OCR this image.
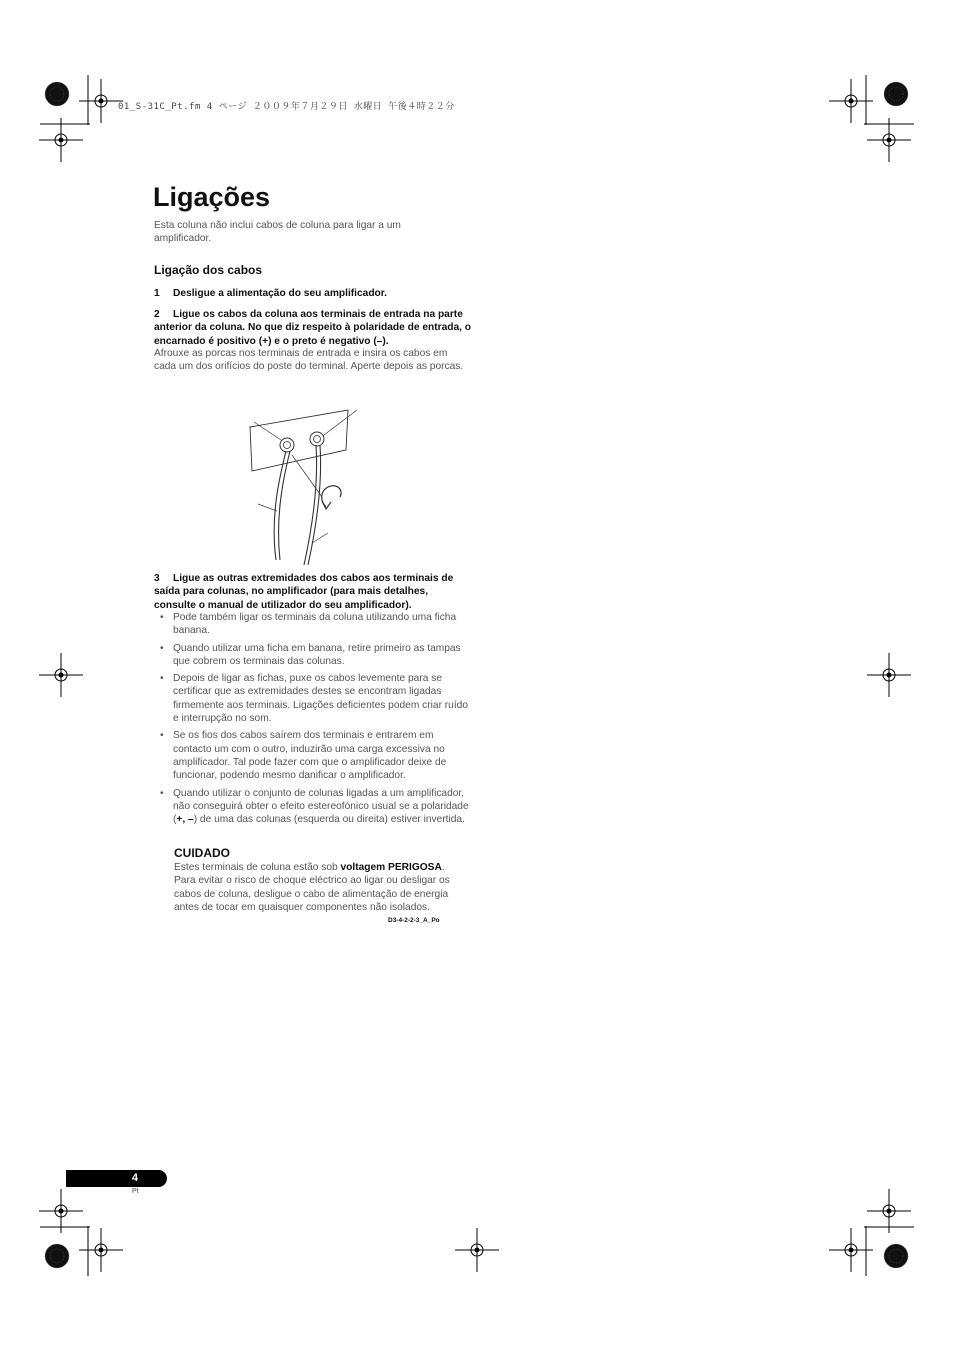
01_S-31C_Pt.fm 4 ページ ２００９年７月２９日 水曜日 午後４時２２分
Ligações
Esta coluna não inclui cabos de coluna para ligar a um amplificador.
Ligação dos cabos
1 Desligue a alimentação do seu amplificador.
2 Ligue os cabos da coluna aos terminais de entrada na parte anterior da coluna. No que diz respeito à polaridade de entrada, o encarnado é positivo (+) e o preto é negativo (–).
Afrouxe as porcas nos terminais de entrada e insira os cabos em cada um dos orifícios do poste do terminal. Aperte depois as porcas.
3 Ligue as outras extremidades dos cabos aos terminais de saída para colunas, no amplificador (para mais detalhes, consulte o manual de utilizador do seu amplificador).
• Pode também ligar os terminais da coluna utilizando uma ficha banana.
• Quando utilizar uma ficha em banana, retire primeiro as tampas que cobrem os terminais das colunas.
• Depois de ligar as fichas, puxe os cabos levemente para se certificar que as extremidades destes se encontram ligadas firmemente aos terminais. Ligações deficientes podem criar ruído e interrupção no som.
• Se os fios dos cabos saírem dos terminais e entrarem em contacto um com o outro, induzirão uma carga excessiva no amplificador. Tal pode fazer com que o amplificador deixe de funcionar, podendo mesmo danificar o amplificador.
• Quando utilizar o conjunto de colunas ligadas a um amplificador, não conseguirá obter o efeito estereofónico usual se a polaridade (+, –) de uma das colunas (esquerda ou direita) estiver invertida.
CUIDADO
Estes terminais de coluna estão sob voltagem PERIGOSA. Para evitar o risco de choque eléctrico ao ligar ou desligar os cabos de coluna, desligue o cabo de alimentação de energia antes de tocar em quaisquer componentes não isolados.
D3-4-2-2-3_A_Po
4
Pt
